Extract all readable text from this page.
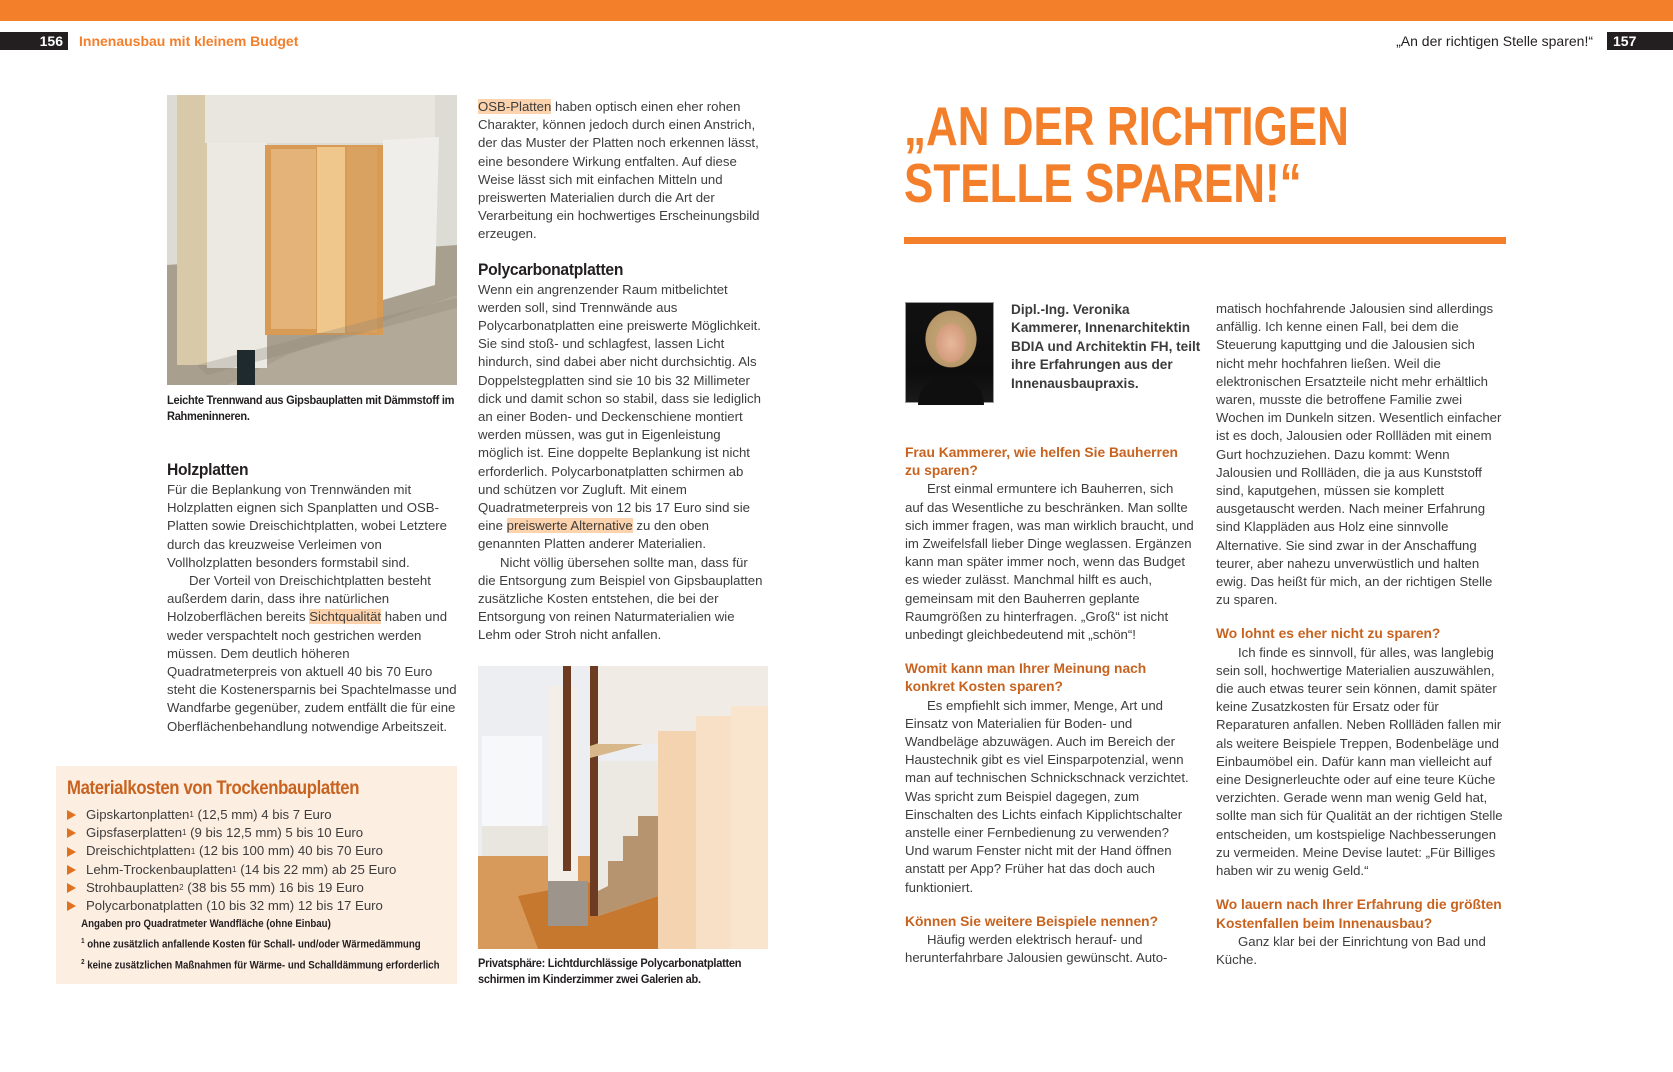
156	Innenausbau mit kleinem Budget	„An der richtigen Stelle sparen!“	157
Leichte Trennwand aus Gipsbauplatten mit Dämmstoff im Rahmeninneren.
Holzplatten

Für die Beplankung von Trennwänden mit Holzplatten eignen sich Spanplatten und OSB-Platten sowie Dreischichtplatten, wobei Letztere durch das kreuzweise Verleimen von Vollholzplatten besonders formstabil sind.

Der Vorteil von Dreischichtplatten besteht außerdem darin, dass ihre natürlichen Holzoberflächen bereits Sichtqualität haben und weder verspachtelt noch gestrichen werden müssen. Dem deutlich höheren Quadratmeterpreis von aktuell 40 bis 70 Euro steht die Kostenersparnis bei Spachtelmasse und Wandfarbe gegenüber, zudem entfällt die für eine Oberflächenbehandlung notwendige Arbeitszeit.

Materialkosten von Trockenbauplatten
Gipskartonplatten 1 (12,5 mm) 4 bis 7 Euro
Gipsfaserplatten 1 (9 bis 12,5 mm) 5 bis 10 Euro
Dreischichtplatten 1 (12 bis 100 mm) 40 bis 70 Euro
Lehm-Trockenbauplatten 1 (14 bis 22 mm) ab 25 Euro
Strohbauplatten 2 (38 bis 55 mm) 16 bis 19 Euro
Polycarbonatplatten (10 bis 32 mm) 12 bis 17 Euro
Angaben pro Quadratmeter Wandfläche (ohne Einbau)
$^1$ ohne zusätzlich anfallende Kosten für Schall- und/oder Wärmedämmung
$^2$ keine zusätzlichen Maßnahmen für Wärme- und Schalldämmung erforderlich

OSB-Platten haben optisch einen eher rohen Charakter, können jedoch durch einen Anstrich, der das Muster der Platten noch erkennen lässt, eine besondere Wirkung entfalten. Auf diese Weise lässt sich mit einfachen Mitteln und preiswerten Materialien durch die Art der Verarbeitung ein hochwertiges Erscheinungsbild erzeugen.

Polycarbonatplatten

Wenn ein angrenzender Raum mitbelichtet werden soll, sind Trennwände aus Polycarbonatplatten eine preiswerte Möglichkeit. Sie sind stoß- und schlagfest, lassen Licht hindurch, sind dabei aber nicht durchsichtig. Als Doppelstegplatten sind sie 10 bis 32 Millimeter dick und damit schon so stabil, dass sie lediglich an einer Boden- und Deckenschiene montiert werden müssen, was gut in Eigenleistung möglich ist. Eine doppelte Beplankung ist nicht erforderlich. Polycarbonatplatten schirmen ab und schützen vor Zugluft. Mit einem Quadratmeterpreis von 12 bis 17 Euro sind sie eine preiswerte Alternative zu den oben genannten Platten anderer Materialien.

Nicht völlig übersehen sollte man, dass für die Entsorgung zum Beispiel von Gipsbauplatten zusätzliche Kosten entstehen, die bei der Entsorgung von reinen Naturmaterialien wie Lehm oder Stroh nicht anfallen.

Privatsphäre: Lichtdurchlässige Polycarbonatplatten schirmen im Kinderzimmer zwei Galerien ab.
„AN DER RICHTIGEN
STELLE SPAREN!“
Dipl.-Ing. Veronika Kammerer, Innenarchitektin BDIA und Architektin FH, teilt ihre Erfahrungen aus der Innenausbaupraxis.
Frau Kammerer, wie helfen Sie Bauherren zu sparen?

Erst einmal ermuntere ich Bauherren, sich auf das Wesentliche zu beschränken. Man sollte sich immer fragen, was man wirklich braucht, und im Zweifelsfall lieber Dinge weglassen. Ergänzen kann man später immer noch, wenn das Budget es wieder zulässt. Manchmal hilft es auch, gemeinsam mit den Bauherren geplante Raumgrößen zu hinterfragen. „Groß“ ist nicht unbedingt gleichbedeutend mit „schön“!

Womit kann man Ihrer Meinung nach konkret Kosten sparen?

Es empfiehlt sich immer, Menge, Art und Einsatz von Materialien für Boden- und Wandbeläge abzuwägen. Auch im Bereich der Haustechnik gibt es viel Einsparpotenzial, wenn man auf technischen Schnickschnack verzichtet. Was spricht zum Beispiel dagegen, zum Einschalten des Lichts einfach Kipplichtschalter anstelle einer Fernbedienung zu verwenden? Und warum Fenster nicht mit der Hand öffnen anstatt per App? Früher hat das doch auch funktioniert.

Können Sie weitere Beispiele nennen?

Häufig werden elektrisch herauf- und herunterfahrbare Jalousien gewünscht. Auto-

matisch hochfahrende Jalousien sind allerdings anfällig. Ich kenne einen Fall, bei dem die Steuerung kaputtging und die Jalousien sich nicht mehr hochfahren ließen. Weil die elektronischen Ersatzteile nicht mehr erhältlich waren, musste die betroffene Familie zwei Wochen im Dunkeln sitzen. Wesentlich einfacher ist es doch, Jalousien oder Rollläden mit einem Gurt hochzuziehen. Dazu kommt: Wenn Jalousien und Rollläden, die ja aus Kunststoff sind, kaputgehen, müssen sie komplett ausgetauscht werden. Nach meiner Erfahrung sind Klappläden aus Holz eine sinnvolle Alternative. Sie sind zwar in der Anschaffung teurer, aber nahezu unverwüstlich und halten ewig. Das heißt für mich, an der richtigen Stelle zu sparen.

Wo lohnt es eher nicht zu sparen?

Ich finde es sinnvoll, für alles, was langlebig sein soll, hochwertige Materialien auszuwählen, die auch etwas teurer sein können, damit später keine Zusatzkosten für Ersatz oder für Reparaturen anfallen. Neben Rollläden fallen mir als weitere Beispiele Treppen, Bodenbeläge und Einbaumöbel ein. Dafür kann man vielleicht auf eine Designerleuchte oder auf eine teure Küche verzichten. Gerade wenn man wenig Geld hat, sollte man sich für Qualität an der richtigen Stelle entscheiden, um kostspielige Nachbesserungen zu vermeiden. Meine Devise lautet: „Für Billiges haben wir zu wenig Geld.“

Wo lauern nach Ihrer Erfahrung die größten Kostenfallen beim Innenausbau?

Ganz klar bei der Einrichtung von Bad und Küche.
